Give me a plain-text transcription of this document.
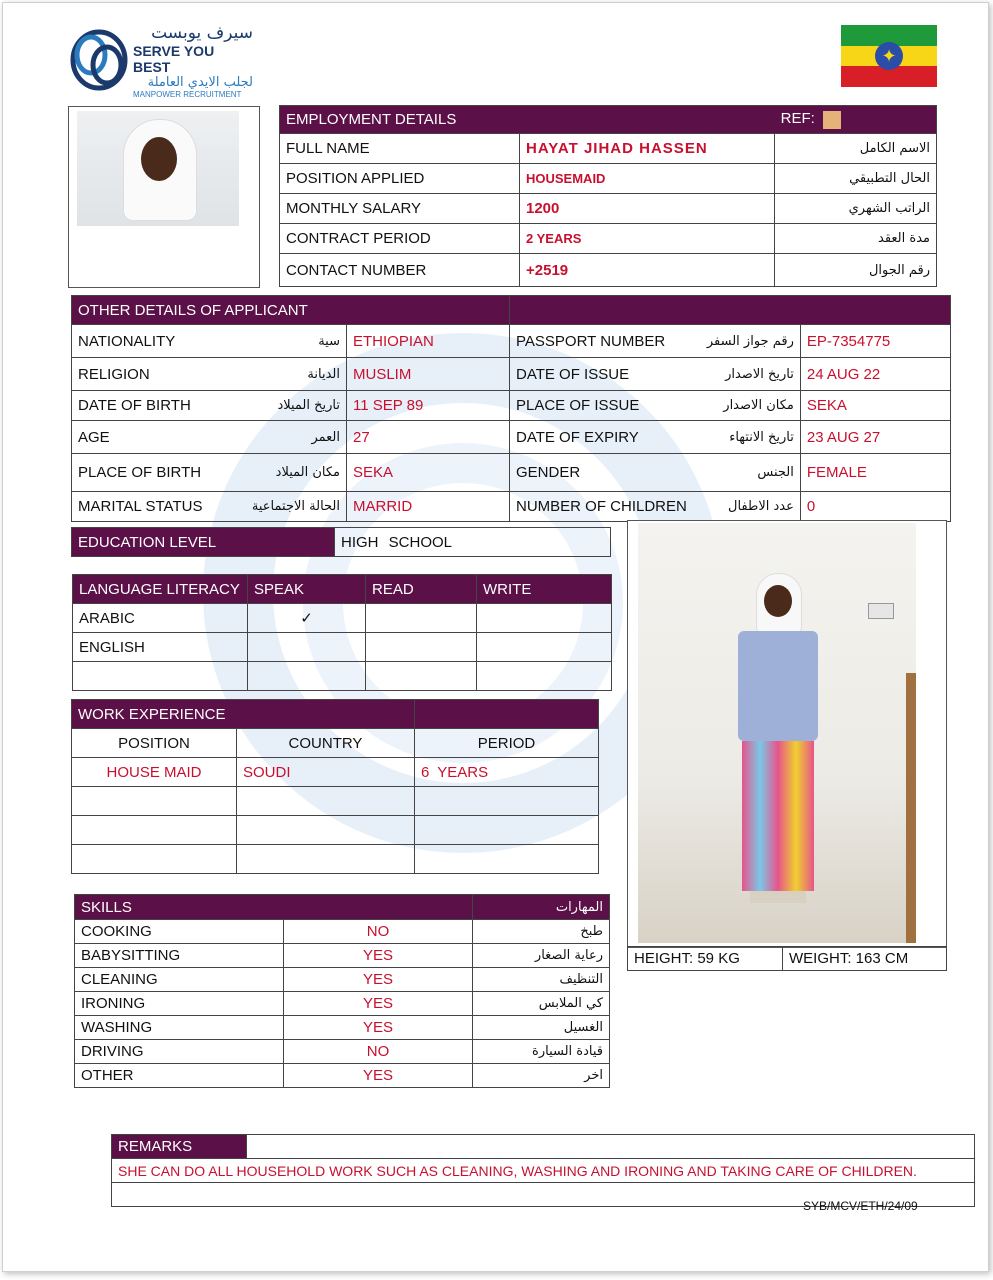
سيرف يوبست
SERVE YOU BEST
لجلب الايدي العاملة
MANPOWER RECRUITMENT
✦
EMPLOYMENT DETAILS		REF:
FULL NAME	HAYAT JIHAD HASSEN	الاسم الكامل
POSITION APPLIED	HOUSEMAID	الحال التطبيقي
MONTHLY SALARY	1200	الراتب الشهري
CONTRACT PERIOD	2 YEARS	مدة العقد
CONTACT NUMBER	+2519	رقم الجوال
OTHER DETAILS OF APPLICANT					
NATIONALITY	سية	ETHIOPIAN	PASSPORT NUMBER	رقم جواز السفر	EP-7354775
RELIGION	الديانة	MUSLIM	DATE OF ISSUE	تاريخ الاصدار	24 AUG 22
DATE OF BIRTH	تاريخ الميلاد	11 SEP 89	PLACE OF ISSUE	مكان الاصدار	SEKA
AGE	العمر	27	DATE OF EXPIRY	تاريخ الانتهاء	23 AUG 27
PLACE OF BIRTH	مكان الميلاد	SEKA	GENDER	الجنس	FEMALE
MARITAL STATUS	الحالة الاجتماعية	MARRID	NUMBER OF CHILDREN	عدد الاطفال	0
EDUCATION LEVEL	HIGH SCHOOL
LANGUAGE LITERACY	SPEAK	READ	WRITE
ARABIC	✓		
ENGLISH			

WORK EXPERIENCE		
POSITION	COUNTRY	PERIOD
HOUSE MAID	SOUDI	6 YEARS

SKILLS		المهارات
COOKING	NO	طبخ
BABYSITTING	YES	رعاية الصغار
CLEANING	YES	التنظيف
IRONING	YES	كي الملابس
WASHING	YES	الغسيل
DRIVING	NO	قيادة السيارة
OTHER	YES	اخر
HEIGHT: 59 KG	WEIGHT: 163 CM
REMARKS	
SHE CAN DO ALL HOUSEHOLD WORK SUCH AS CLEANING, WASHING AND IRONING AND TAKING CARE OF CHILDREN.

SYB/MCV/ETH/24/09
